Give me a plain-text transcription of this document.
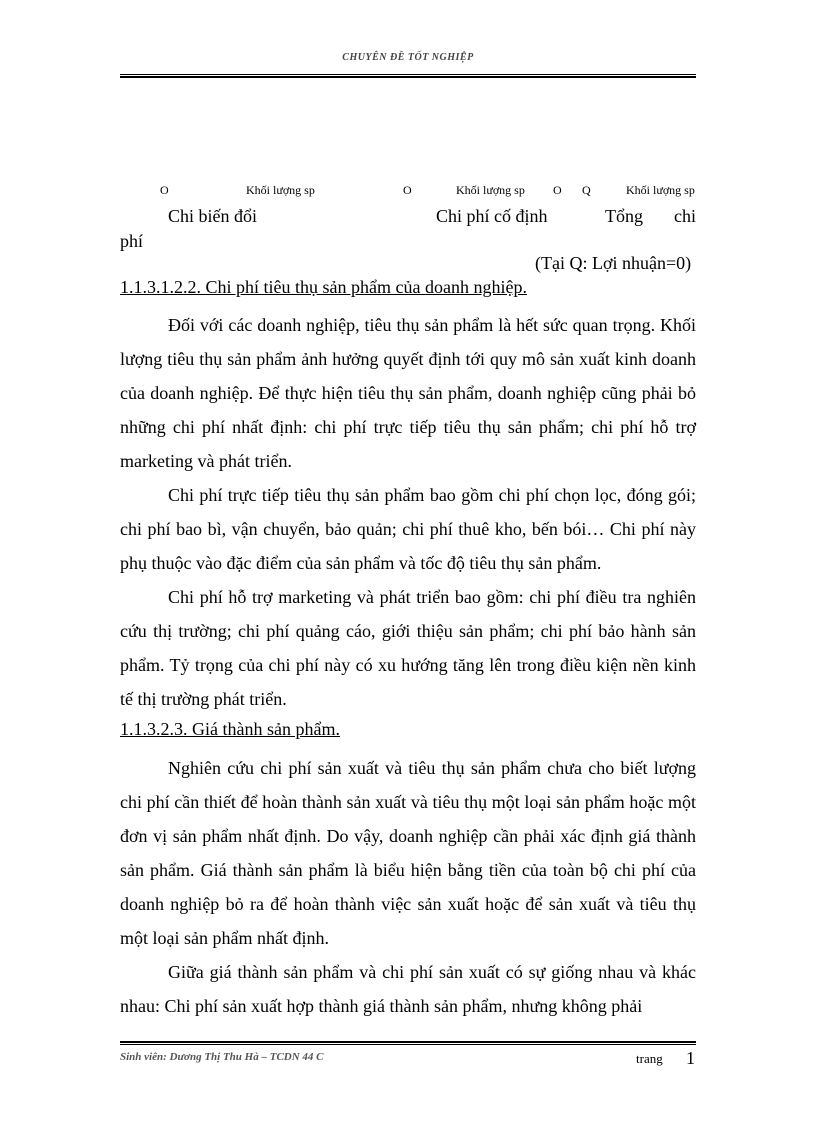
CHUYÊN ĐỀ TỐT NGHIỆP
O	Khối lượng sp	O	Khối lượng sp O Q	Khối lượng sp
Chi biến đổi	Chi phí cố định	Tổng chi
phí
(Tại Q: Lợi nhuận=0)
1.1.3.1.2.2. Chi phí tiêu thụ sản phẩm của doanh nghiệp.

Đối với các doanh nghiệp, tiêu thụ sản phẩm là hết sức quan trọng. Khối lượng tiêu thụ sản phẩm ảnh hưởng quyết định tới quy mô sản xuất kinh doanh của doanh nghiệp. Để thực hiện tiêu thụ sản phẩm, doanh nghiệp cũng phải bỏ những chi phí nhất định: chi phí trực tiếp tiêu thụ sản phẩm; chi phí hỗ trợ marketing và phát triển.

Chi phí trực tiếp tiêu thụ sản phẩm bao gồm chi phí chọn lọc, đóng gói; chi phí bao bì, vận chuyển, bảo quản; chi phí thuê kho, bến bói… Chi phí này phụ thuộc vào đặc điểm của sản phẩm và tốc độ tiêu thụ sản phẩm.

Chi phí hỗ trợ marketing và phát triển bao gồm: chi phí điều tra nghiên cứu thị trường; chi phí quảng cáo, giới thiệu sản phẩm; chi phí bảo hành sản phẩm. Tỷ trọng của chi phí này có xu hướng tăng lên trong điều kiện nền kinh tế thị trường phát triển.

1.1.3.2.3. Giá thành sản phẩm.

Nghiên cứu chi phí sản xuất và tiêu thụ sản phẩm chưa cho biết lượng chi phí cần thiết để hoàn thành sản xuất và tiêu thụ một loại sản phẩm hoặc một đơn vị sản phẩm nhất định. Do vậy, doanh nghiệp cần phải xác định giá thành sản phẩm. Giá thành sản phẩm là biểu hiện bằng tiền của toàn bộ chi phí của doanh nghiệp bỏ ra để hoàn thành việc sản xuất hoặc để sản xuất và tiêu thụ một loại sản phẩm nhất định.

Giữa giá thành sản phẩm và chi phí sản xuất có sự giống nhau và khác nhau: Chi phí sản xuất hợp thành giá thành sản phẩm, nhưng không phải

Sinh viên: Dương Thị Thu Hà – TCDN 44 C	trang 1
